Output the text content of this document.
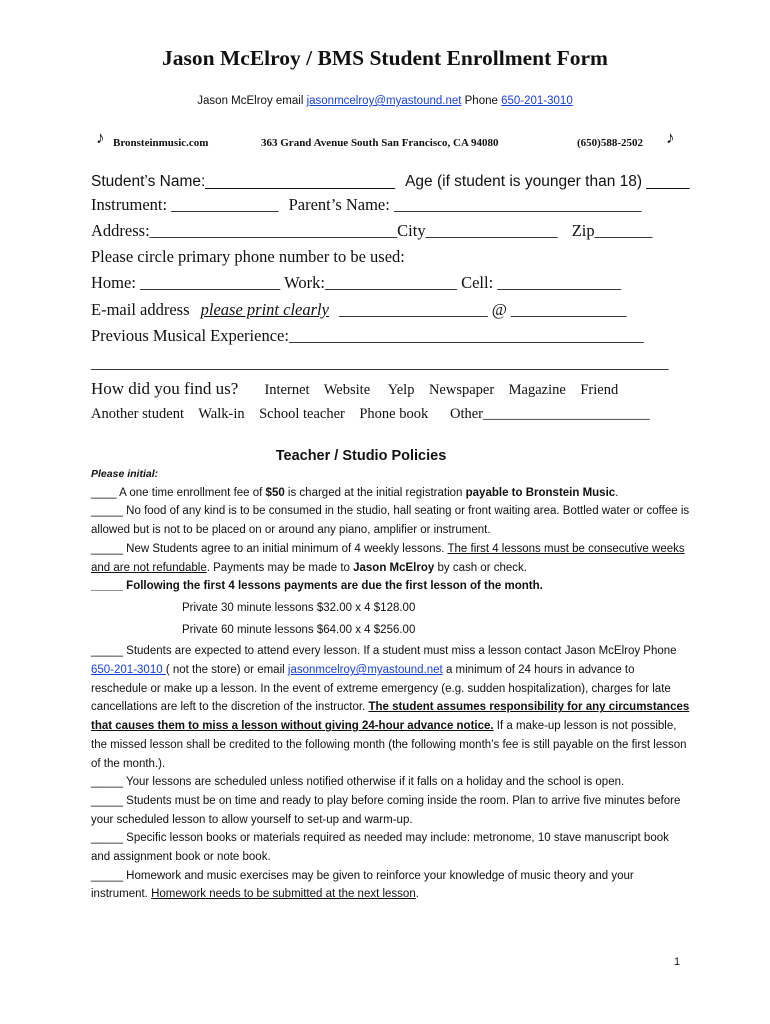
Jason McElroy / BMS Student Enrollment Form
Jason McElroy email jasonmcelroy@myastound.net Phone 650-201-3010
♪ Bronsteinmusic.com	363 Grand Avenue South San Francisco, CA 94080	(650)588-2502 ♪
Student’s Name:______________________ Age (if student is younger than 18) _____
Instrument: _____________ Parent’s Name: ______________________________
Address:______________________________City________________ Zip_______
Please circle primary phone number to be used:
Home: _________________ Work:________________ Cell: _______________
E-mail address please print clearly __________________ @ ______________
Previous Musical Experience:___________________________________________
______________________________________________________________________
How did you find us? Internet    Website     Yelp    Newspaper    Magazine    Friend
Another student    Walk-in    School teacher    Phone book      Other_______________________
Teacher / Studio Policies

Please initial:

____ A one time enrollment fee of $50 is charged at the initial registration payable to Bronstein Music.

_____ No food of any kind is to be consumed in the studio, hall seating or front waiting area. Bottled water or coffee is allowed but is not to be placed on or around any piano, amplifier or instrument.

_____ New Students agree to an initial minimum of 4 weekly lessons. The first 4 lessons must be consecutive weeks and are not refundable. Payments may be made to Jason McElroy by cash or check.

_____ Following the first 4 lessons payments are due the first lesson of the month.

Private 30 minute lessons $32.00 x 4 $128.00

Private 60 minute lessons $64.00 x 4 $256.00

_____ Students are expected to attend every lesson. If a student must miss a lesson contact Jason McElroy Phone 650-201-3010 ( not the store) or email jasonmcelroy@myastound.net a minimum of 24 hours in advance to reschedule or make up a lesson. In the event of extreme emergency (e.g. sudden hospitalization), charges for late cancellations are left to the discretion of the instructor. The student assumes responsibility for any circumstances that causes them to miss a lesson without giving 24-hour advance notice. If a make-up lesson is not possible, the missed lesson shall be credited to the following month (the following month’s fee is still payable on the first lesson of the month.).

_____ Your lessons are scheduled unless notified otherwise if it falls on a holiday and the school is open.

_____ Students must be on time and ready to play before coming inside the room. Plan to arrive five minutes before your scheduled lesson to allow yourself to set-up and warm-up.

_____ Specific lesson books or materials required as needed may include: metronome, 10 stave manuscript book and assignment book or note book.

_____ Homework and music exercises may be given to reinforce your knowledge of music theory and your instrument. Homework needs to be submitted at the next lesson.

1
